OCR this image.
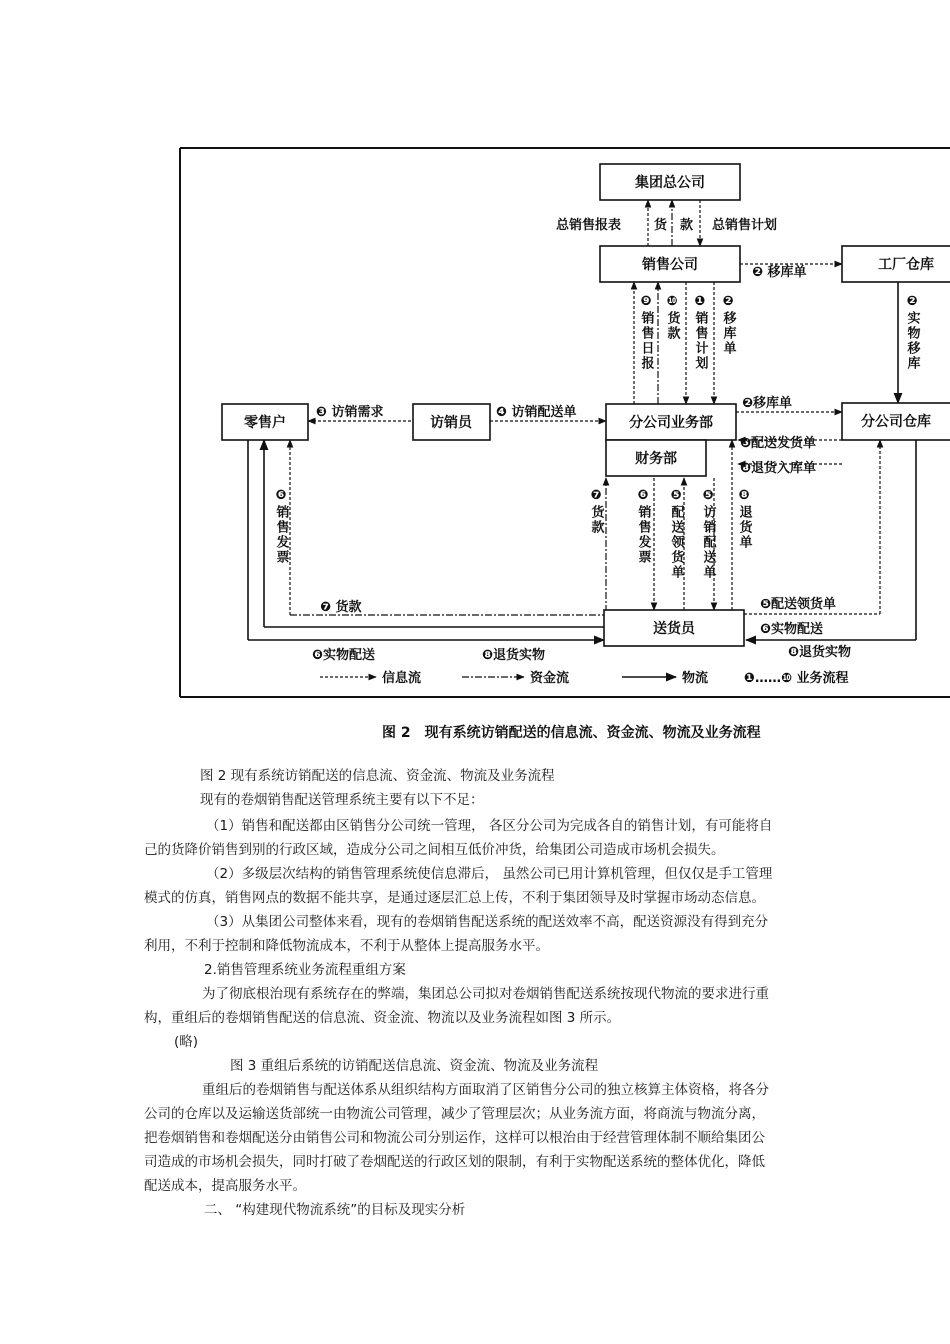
集团总公司
销售公司	工厂仓库
零售户	访销员	分公司业务部	分公司仓库
财务部
送货员
总销售报表	货 款 总销售计划
❷ 移库单
❸ 访销需求	❹ 访销配送单
❷移库单
❺配送发货单
❽退货入库单
❼ 货款	❺配送领货单
❻实物配送
❻实物配送	❽退货实物	❽退货实物
信息流	资金流	物流	❶……❿ 业务流程
❾销售日报 ❿货款 ❶销售计划 ❷移库单	❷实物移库
❻销售发票	❼货款 ❻销售发票 ❺配送领货单 ❺访销配送单 ❽退货单
图 2　现有系统访销配送的信息流、资金流、物流及业务流程

图 2 现有系统访销配送的信息流、资金流、物流及业务流程

现有的卷烟销售配送管理系统主要有以下不足：

（1）销售和配送都由区销售分公司统一管理， 各区分公司为完成各自的销售计划，有可能将自

己的货降价销售到别的行政区域，造成分公司之间相互低价冲货，给集团公司造成市场机会损失。

（2）多级层次结构的销售管理系统使信息滞后， 虽然公司已用计算机管理，但仅仅是手工管理

模式的仿真，销售网点的数据不能共享，是通过逐层汇总上传，不利于集团领导及时掌握市场动态信息。

（3）从集团公司整体来看，现有的卷烟销售配送系统的配送效率不高，配送资源没有得到充分

利用，不利于控制和降低物流成本，不利于从整体上提高服务水平。

2.销售管理系统业务流程重组方案

为了彻底根治现有系统存在的弊端，集团总公司拟对卷烟销售配送系统按现代物流的要求进行重

构，重组后的卷烟销售配送的信息流、资金流、物流以及业务流程如图 3 所示。

(略)

图 3 重组后系统的访销配送信息流、资金流、物流及业务流程

重组后的卷烟销售与配送体系从组织结构方面取消了区销售分公司的独立核算主体资格，将各分

公司的仓库以及运输送货部统一由物流公司管理，减少了管理层次；从业务流方面，将商流与物流分离，

把卷烟销售和卷烟配送分由销售公司和物流公司分别运作，这样可以根治由于经营管理体制不顺给集团公

司造成的市场机会损失，同时打破了卷烟配送的行政区划的限制，有利于实物配送系统的整体优化，降低

配送成本，提高服务水平。

二、 “构建现代物流系统”的目标及现实分析
